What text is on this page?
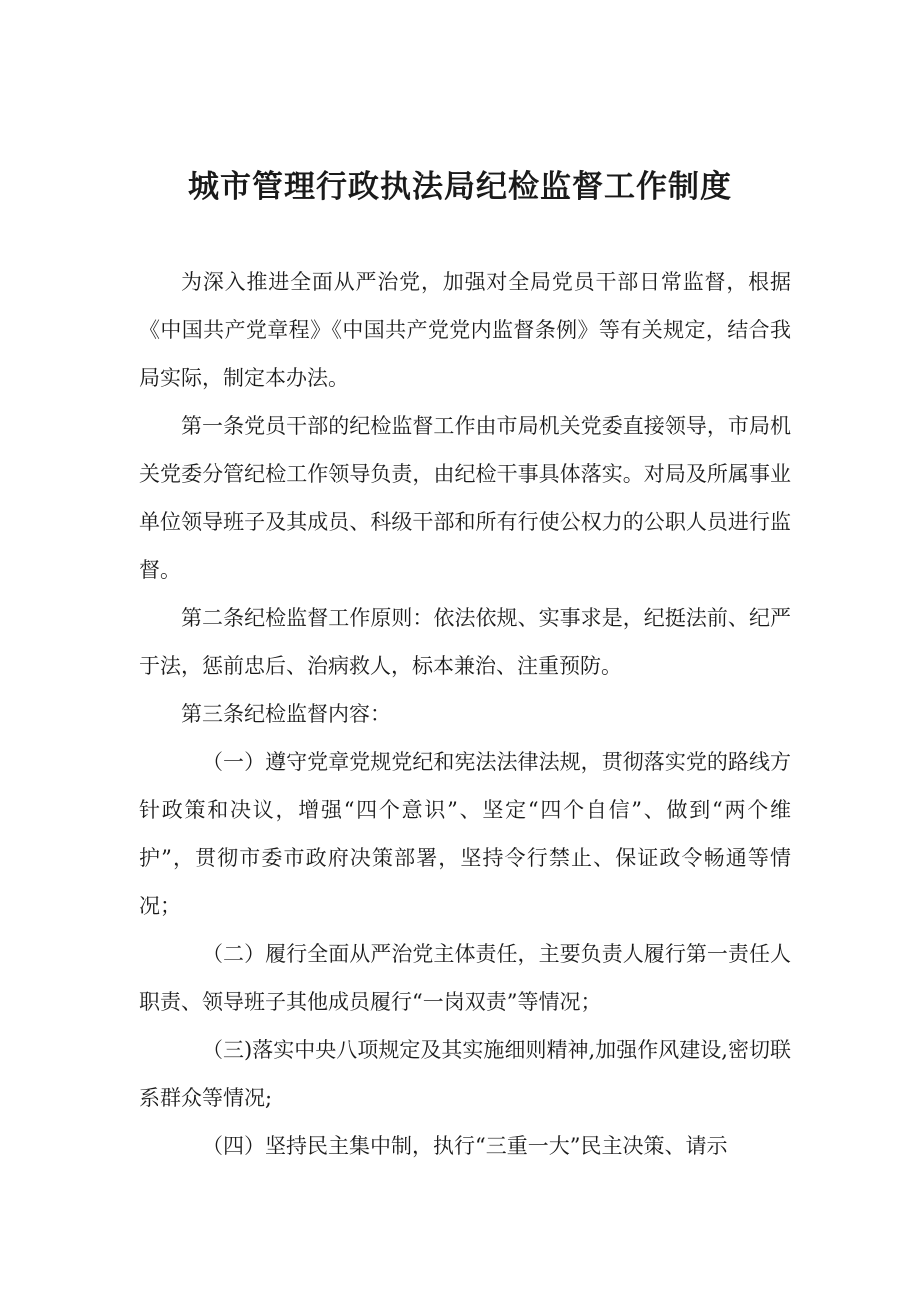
城市管理行政执法局纪检监督工作制度

为深入推进全面从严治党，加强对全局党员干部日常监督，根据《中国共产党章程》《中国共产党党内监督条例》等有关规定，结合我局实际，制定本办法。

第一条党员干部的纪检监督工作由市局机关党委直接领导，市局机关党委分管纪检工作领导负责，由纪检干事具体落实。对局及所属事业单位领导班子及其成员、科级干部和所有行使公权力的公职人员进行监督。

第二条纪检监督工作原则：依法依规、实事求是，纪挺法前、纪严于法，惩前忠后、治病救人，标本兼治、注重预防。

第三条纪检监督内容：

（一）遵守党章党规党纪和宪法法律法规，贯彻落实党的路线方针政策和决议，增强“四个意识”、坚定“四个自信”、做到“两个维护”，贯彻市委市政府决策部署，坚持令行禁止、保证政令畅通等情况；

（二）履行全面从严治党主体责任，主要负责人履行第一责任人职责、领导班子其他成员履行“一岗双责”等情况；

（三)落实中央八项规定及其实施细则精神,加强作风建设,密切联系群众等情况;

（四）坚持民主集中制，执行“三重一大”民主决策、请示
